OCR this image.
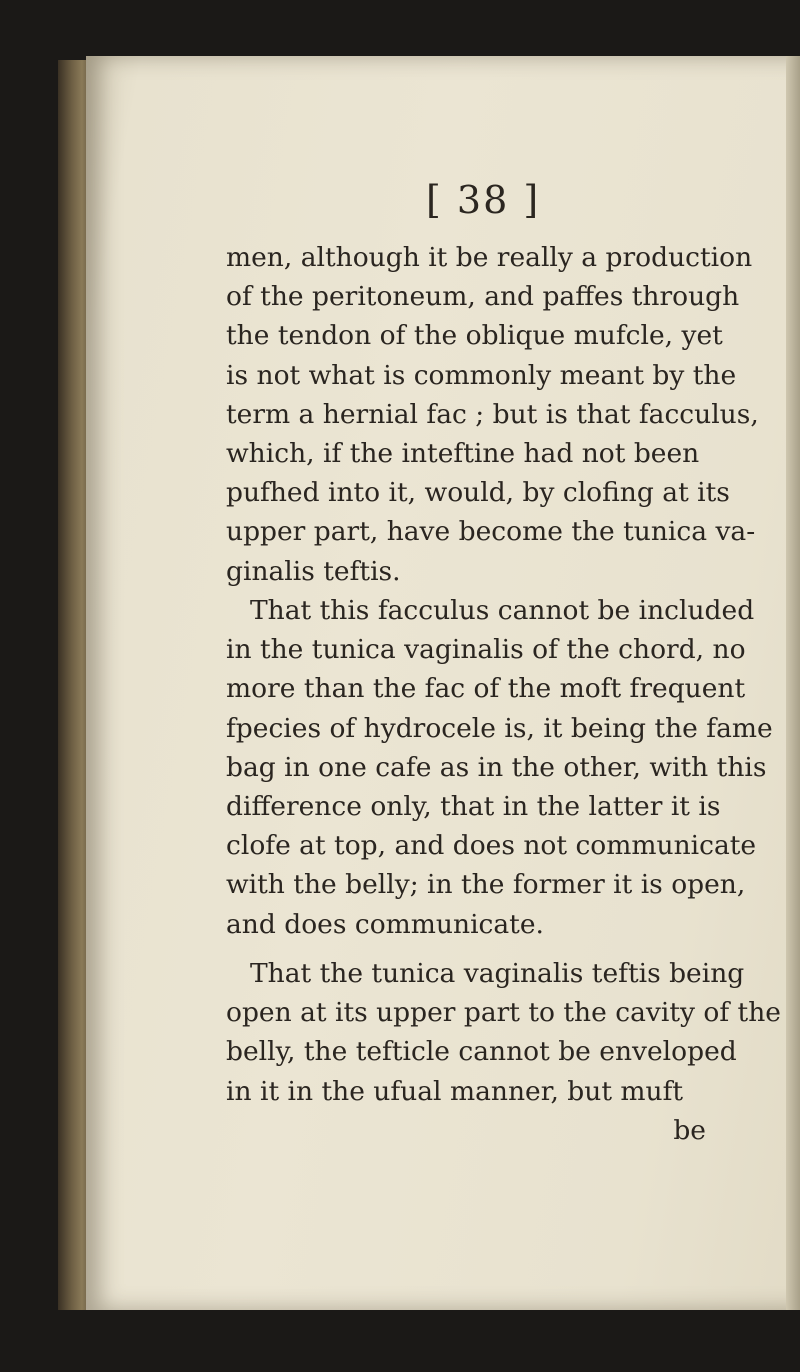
[ 38 ]
men, although it be really a production
of the peritoneum, and paffes through
the tendon of the oblique mufcle, yet
is not what is commonly meant by the
term a hernial fac ; but is that facculus,
which, if the inteftine had not been
pufhed into it, would, by clofing at its
upper part, have become the tunica va-
ginalis teftis.
That this facculus cannot be included
in the tunica vaginalis of the chord, no
more than the fac of the moft frequent
fpecies of hydrocele is, it being the fame
bag in one cafe as in the other, with this
difference only, that in the latter it is
clofe at top, and does not communicate
with the belly; in the former it is open,
and does communicate.
That the tunica vaginalis teftis being
open at its upper part to the cavity of the
belly, the tefticle cannot be enveloped
in it in the ufual manner, but muft
be
